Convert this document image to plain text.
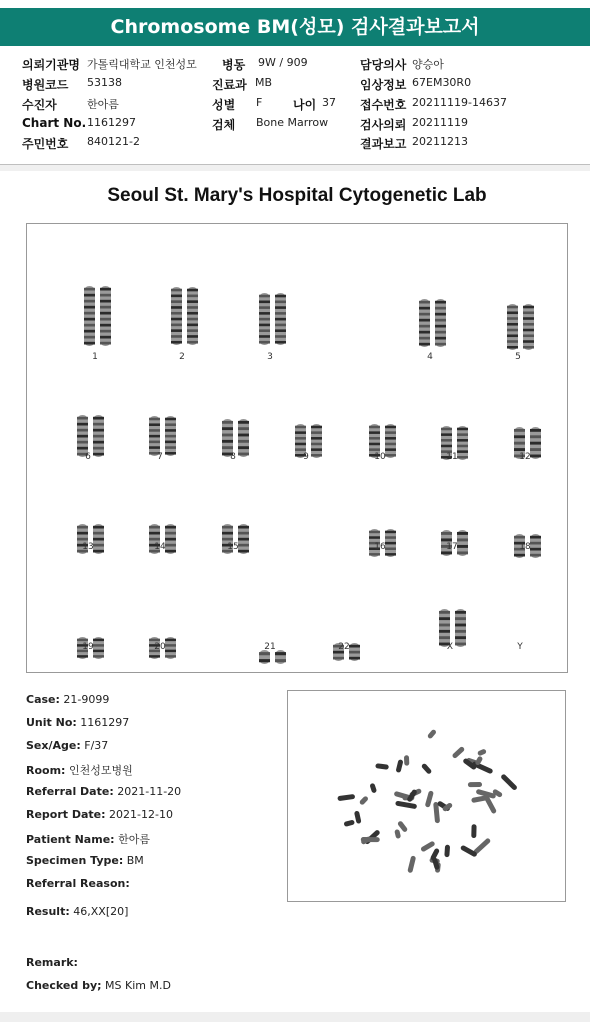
Chromosome BM(성모) 검사결과보고서
의뢰기관명 가톨릭대학교 인천성모 병동 9W / 909	담당의사 양승아
병원코드 53138	진료과 MB	임상정보 67EM30R0
수진자	한아름	성별 F	나이 37 접수번호 20211119-14637
Chart No. 1161297	검체 Bone Marrow	검사의뢰 20211119
주민번호 840121-2	결과보고 20211213
Seoul St. Mary's Hospital Cytogenetic Lab
1	2	3	4	5
6	7	8	9	10	11	12
13	14	15	16	17	18
19	20	21	22	X	Y
Case: 21-9099
Unit No: 1161297
Sex/Age: F/37
Room: 인천성모병원
Referral Date: 2021-11-20
Report Date: 2021-12-10
Patient Name: 한아름
Specimen Type: BM
Referral Reason:
Result: 46,XX[20]
Remark:
Checked by; MS Kim M.D
